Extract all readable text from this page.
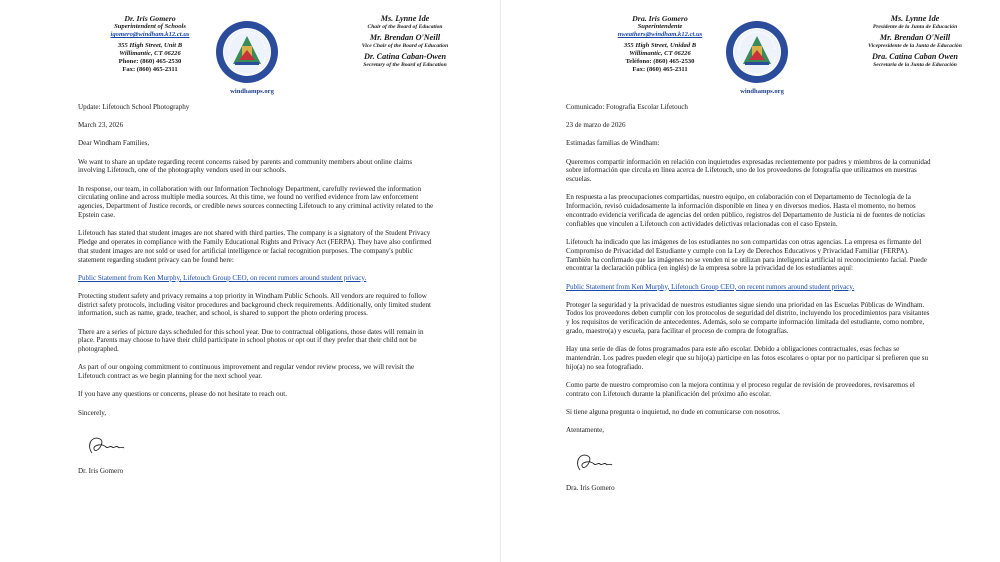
Dr. Iris Gomero
Superintendent of Schools
igomero@windham.k12.ct.us
355 High Street, Unit B
Willimantic, CT 06226
Phone: (860) 465-2530
Fax: (860) 465-2311
windhamps.org
Ms. Lynne Ide
Chair of the Board of Education
Mr. Brendan O'Neill
Vice Chair of the Board of Education
Dr. Catina Caban-Owen
Secretary of the Board of Education

Update: Lifetouch School Photography

March 23, 2026

Dear Windham Families,

We want to share an update regarding recent concerns raised by parents and community members about online claims involving Lifetouch, one of the photography vendors used in our schools.

In response, our team, in collaboration with our Information Technology Department, carefully reviewed the information circulating online and across multiple media sources. At this time, we found no verified evidence from law enforcement agencies, Department of Justice records, or credible news sources connecting Lifetouch to any criminal activity related to the Epstein case.

Lifetouch has stated that student images are not shared with third parties. The company is a signatory of the Student Privacy Pledge and operates in compliance with the Family Educational Rights and Privacy Act (FERPA). They have also confirmed that student images are not sold or used for artificial intelligence or facial recognition purposes. The company's public statement regarding student privacy can be found here:

Public Statement from Ken Murphy, Lifetouch Group CEO, on recent rumors around student privacy.

Protecting student safety and privacy remains a top priority in Windham Public Schools. All vendors are required to follow district safety protocols, including visitor procedures and background check requirements. Additionally, only limited student information, such as name, grade, teacher, and school, is shared to support the photo ordering process.

There are a series of picture days scheduled for this school year. Due to contractual obligations, those dates will remain in place. Parents may choose to have their child participate in school photos or opt out if they prefer that their child not be photographed.

As part of our ongoing commitment to continuous improvement and regular vendor review process, we will revisit the Lifetouch contract as we begin planning for the next school year.

If you have any questions or concerns, please do not hesitate to reach out.

Sincerely,

Dr. Iris Gomero

Dra. Iris Gomero
Superintendente
nweathers@windham.k12.ct.us
355 High Street, Unidad B
Willimantic, CT 06226
Teléfono: (860) 465-2530
Fax: (860) 465-2311
windhamps.org
Ms. Lynne Ide
Presidente de la Junta de Educación
Mr. Brendan O'Neill
Vicepresidente de la Junta de Educación
Dra. Catina Caban Owen
Secretaria de la Junta de Educación

Comunicado: Fotografía Escolar Lifetouch

23 de marzo de 2026

Estimadas familias de Windham:

Queremos compartir información en relación con inquietudes expresadas recientemente por padres y miembros de la comunidad sobre información que circula en línea acerca de Lifetouch, uno de los proveedores de fotografía que utilizamos en nuestras escuelas.

En respuesta a las preocupaciones compartidas, nuestro equipo, en colaboración con el Departamento de Tecnología de la Información, revisó cuidadosamente la información disponible en línea y en diversos medios. Hasta el momento, no hemos encontrado evidencia verificada de agencias del orden público, registros del Departamento de Justicia ni de fuentes de noticias confiables que vinculen a Lifetouch con actividades delictivas relacionadas con el caso Epstein.

Lifetouch ha indicado que las imágenes de los estudiantes no son compartidas con otras agencias. La empresa es firmante del Compromiso de Privacidad del Estudiante y cumple con la Ley de Derechos Educativos y Privacidad Familiar (FERPA). También ha confirmado que las imágenes no se venden ni se utilizan para inteligencia artificial ni reconocimiento facial. Puede encontrar la declaración pública (en inglés) de la empresa sobre la privacidad de los estudiantes aquí:

Public Statement from Ken Murphy, Lifetouch Group CEO, on recent rumors around student privacy.

Proteger la seguridad y la privacidad de nuestros estudiantes sigue siendo una prioridad en las Escuelas Públicas de Windham. Todos los proveedores deben cumplir con los protocolos de seguridad del distrito, incluyendo los procedimientos para visitantes y los requisitos de verificación de antecedentes. Además, solo se comparte información limitada del estudiante, como nombre, grado, maestro(a) y escuela, para facilitar el proceso de compra de fotografías.

Hay una serie de días de fotos programados para este año escolar. Debido a obligaciones contractuales, esas fechas se mantendrán. Los padres pueden elegir que su hijo(a) participe en las fotos escolares o optar por no participar si prefieren que su hijo(a) no sea fotografiado.

Como parte de nuestro compromiso con la mejora continua y el proceso regular de revisión de proveedores, revisaremos el contrato con Lifetouch durante la planificación del próximo año escolar.

Si tiene alguna pregunta o inquietud, no dude en comunicarse con nosotros.

Atentamente,

Dra. Iris Gomero
